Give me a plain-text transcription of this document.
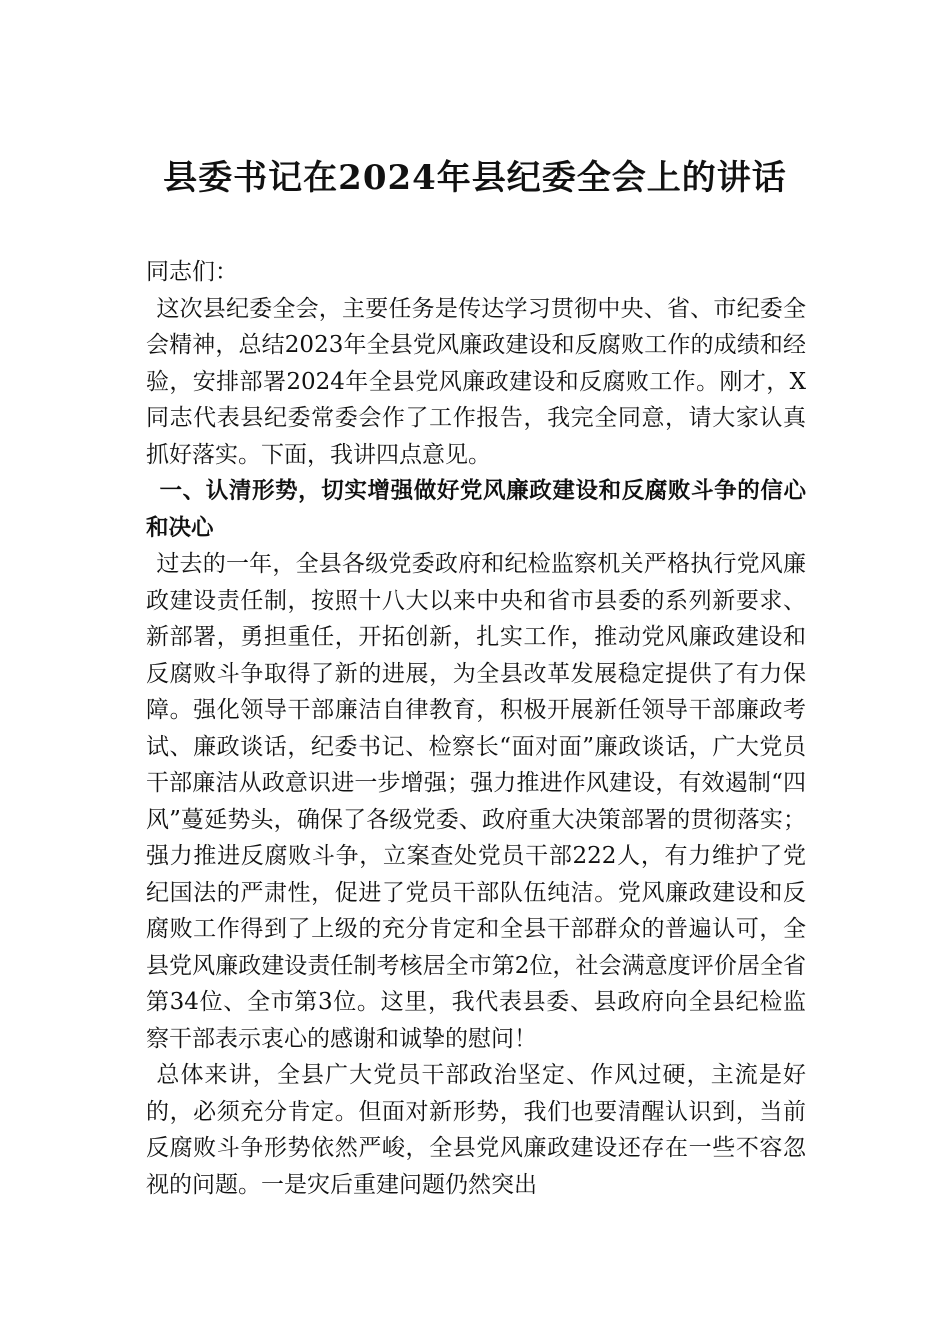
县委书记在2024年县纪委全会上的讲话

同志们：

这次县纪委全会，主要任务是传达学习贯彻中央、省、市纪委全会精神，总结2023年全县党风廉政建设和反腐败工作的成绩和经验，安排部署2024年全县党风廉政建设和反腐败工作。刚才，X同志代表县纪委常委会作了工作报告，我完全同意，请大家认真抓好落实。下面，我讲四点意见。

一、认清形势，切实增强做好党风廉政建设和反腐败斗争的信心和决心

过去的一年，全县各级党委政府和纪检监察机关严格执行党风廉政建设责任制，按照十八大以来中央和省市县委的系列新要求、新部署，勇担重任，开拓创新，扎实工作，推动党风廉政建设和反腐败斗争取得了新的进展，为全县改革发展稳定提供了有力保障。强化领导干部廉洁自律教育，积极开展新任领导干部廉政考试、廉政谈话，纪委书记、检察长“面对面”廉政谈话，广大党员干部廉洁从政意识进一步增强；强力推进作风建设，有效遏制“四风”蔓延势头，确保了各级党委、政府重大决策部署的贯彻落实；强力推进反腐败斗争，立案查处党员干部222人，有力维护了党纪国法的严肃性，促进了党员干部队伍纯洁。党风廉政建设和反腐败工作得到了上级的充分肯定和全县干部群众的普遍认可，全县党风廉政建设责任制考核居全市第2位，社会满意度评价居全省第34位、全市第3位。这里，我代表县委、县政府向全县纪检监察干部表示衷心的感谢和诚挚的慰问！

总体来讲，全县广大党员干部政治坚定、作风过硬，主流是好的，必须充分肯定。但面对新形势，我们也要清醒认识到，当前反腐败斗争形势依然严峻，全县党风廉政建设还存在一些不容忽视的问题。一是灾后重建问题仍然突出
